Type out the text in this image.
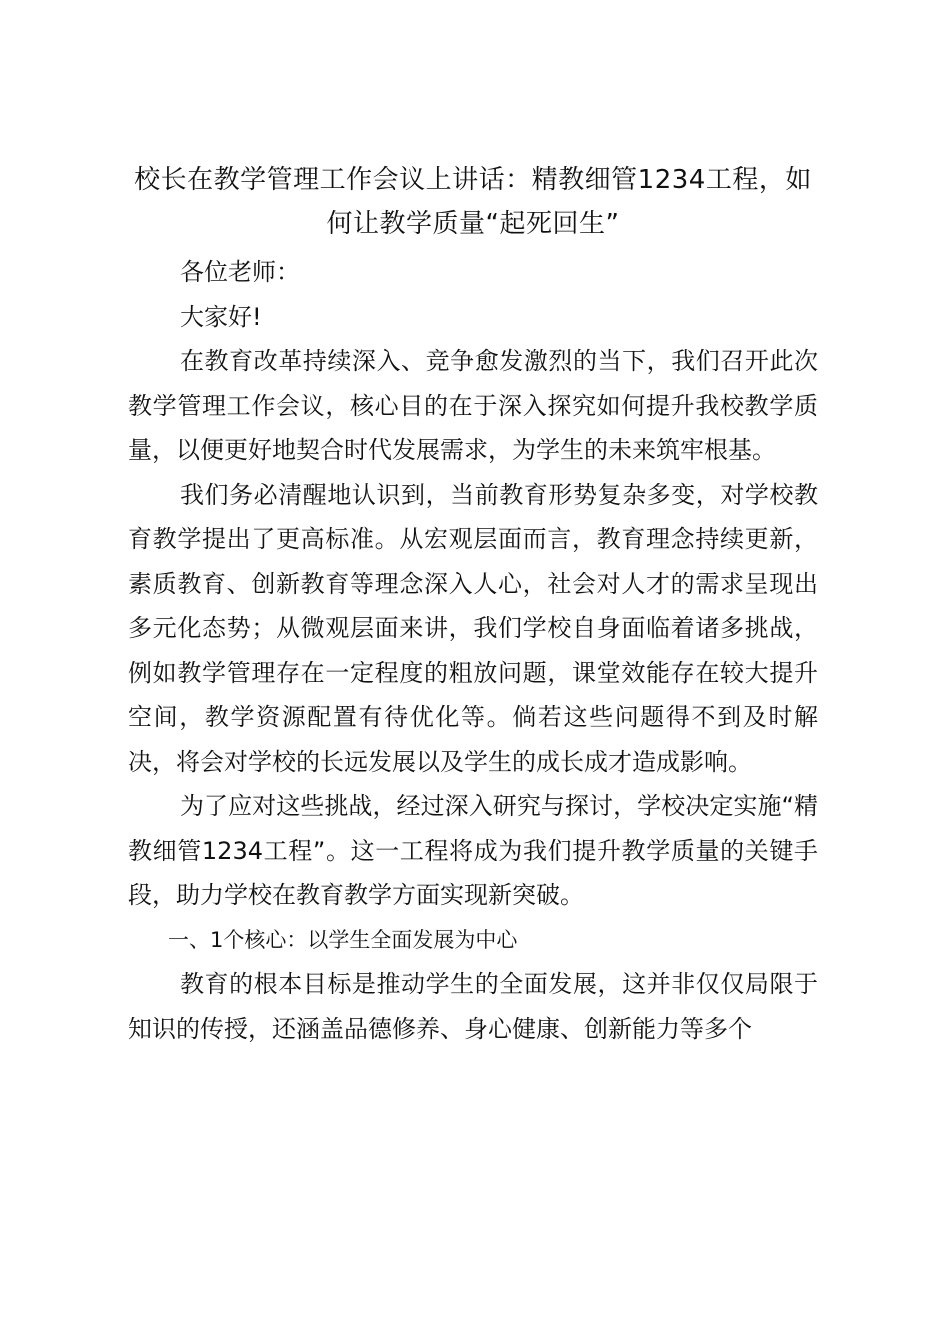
校长在教学管理工作会议上讲话：精教细管1234工程，如何让教学质量“起死回生”

各位老师：

大家好!

在教育改革持续深入、竞争愈发激烈的当下，我们召开此次教学管理工作会议，核心目的在于深入探究如何提升我校教学质量，以便更好地契合时代发展需求，为学生的未来筑牢根基。

我们务必清醒地认识到，当前教育形势复杂多变，对学校教育教学提出了更高标准。从宏观层面而言，教育理念持续更新，素质教育、创新教育等理念深入人心，社会对人才的需求呈现出多元化态势；从微观层面来讲，我们学校自身面临着诸多挑战，例如教学管理存在一定程度的粗放问题，课堂效能存在较大提升空间，教学资源配置有待优化等。倘若这些问题得不到及时解决，将会对学校的长远发展以及学生的成长成才造成影响。

为了应对这些挑战，经过深入研究与探讨，学校决定实施“精教细管1234工程”。这一工程将成为我们提升教学质量的关键手段，助力学校在教育教学方面实现新突破。

一、1个核心：以学生全面发展为中心

教育的根本目标是推动学生的全面发展，这并非仅仅局限于知识的传授，还涵盖品德修养、身心健康、创新能力等多个
